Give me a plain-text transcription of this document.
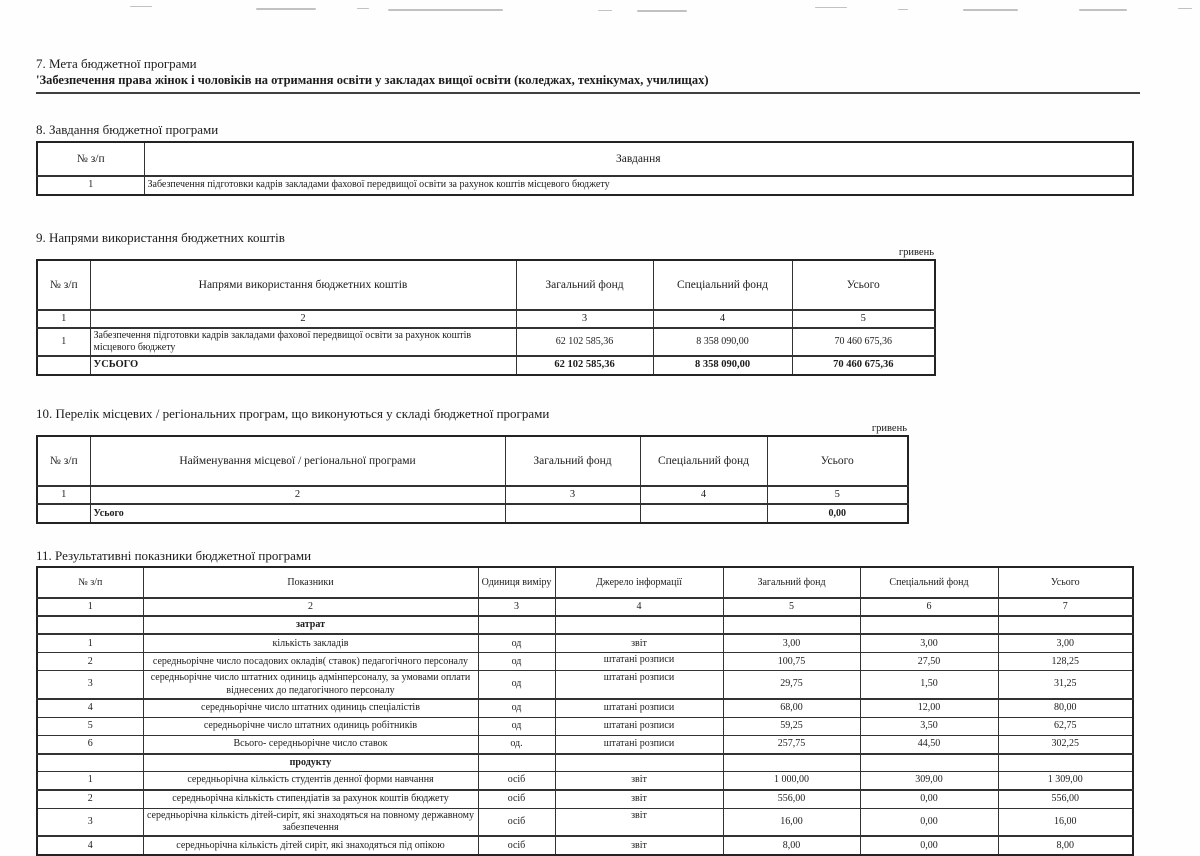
7. Мета бюджетної програми

'Забезпечення права жінок і чоловіків на отримання освіти у закладах вищої освіти (коледжах, технікумах, училищах)

8. Завдання бюджетної програми

№ з/п	Завдання
1	Забезпечення підготовки кадрів закладами фахової передвищої освіти за рахунок коштів місцевого бюджету

9. Напрями використання бюджетних коштів

гривень
№ з/п	Напрями використання бюджетних коштів	Загальний фонд	Спеціальний фонд	Усього
1	2	3	4	5
1	Забезпечення підготовки кадрів закладами фахової передвищої освіти за рахунок коштів місцевого бюджету	62 102 585,36	8 358 090,00	70 460 675,36
	УСЬОГО	62 102 585,36	8 358 090,00	70 460 675,36

10. Перелік місцевих / регіональних програм, що виконуються у складі бюджетної програми

гривень
№ з/п	Найменування місцевої / регіональної програми	Загальний фонд	Спеціальний фонд	Усього
1	2	3	4	5
	Усього			0,00

11. Результативні показники бюджетної програми

№ з/п	Показники	Одиниця виміру	Джерело інформації	Загальний фонд	Спеціальний фонд	Усього
1	2	3	4	5	6	7
	затрат					
1	кількість закладів	од	звіт	3,00	3,00	3,00
2	середньорічне число посадових окладів( ставок) педагогічного персоналу	од	штатані розписи	100,75	27,50	128,25
3	середньорічне число штатних одиниць адмінперсоналу, за умовами оплати віднесених до педагогічного персоналу	од	штатані розписи	29,75	1,50	31,25
4	середньорічне число штатних одиниць спеціалістів	од	штатані розписи	68,00	12,00	80,00
5	середньорічне число штатних одиниць робітників	од	штатані розписи	59,25	3,50	62,75
6	Всього- середньорічне число ставок	од.	штатані розписи	257,75	44,50	302,25
	продукту					
1	середньорічна кількість студентів денної форми навчання	осіб	звіт	1 000,00	309,00	1 309,00
2	середньорічна кількість стипендіатів за рахунок коштів бюджету	осіб	звіт	556,00	0,00	556,00
3	середньорічна кількість дітей-сиріт, які знаходяться на повному державному забезпечення	осіб	звіт	16,00	0,00	16,00
4	середньорічна кількість дітей сиріт, які знаходяться під опікою	осіб	звіт	8,00	0,00	8,00
